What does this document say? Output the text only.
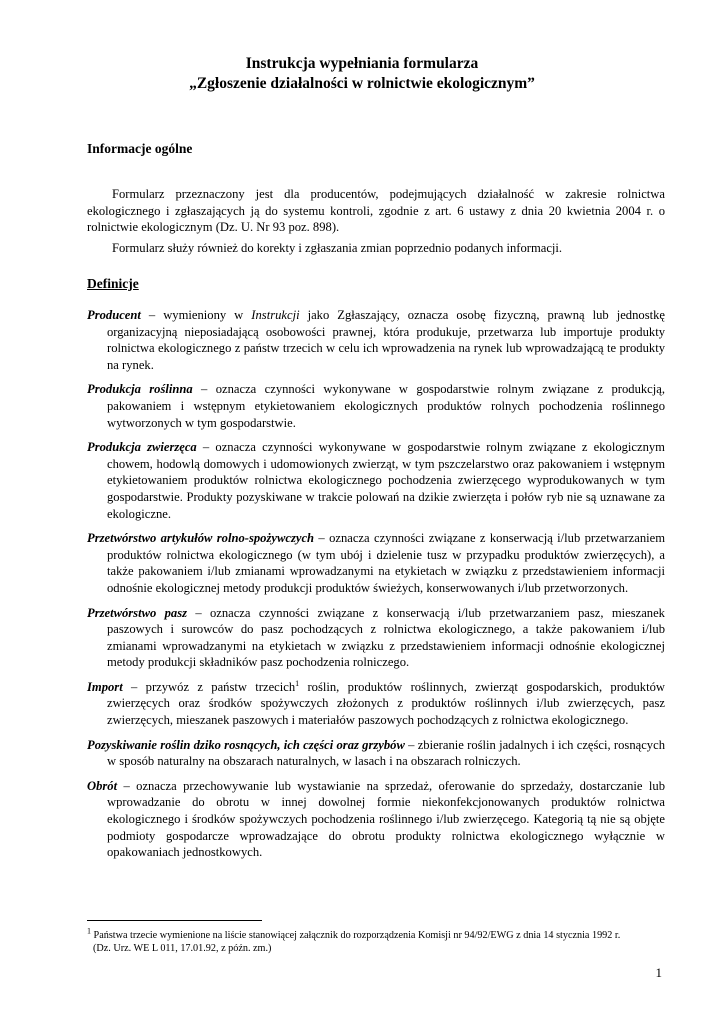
Instrukcja wypełniania formularza
„Zgłoszenie działalności w rolnictwie ekologicznym”
Informacje ogólne

Formularz przeznaczony jest dla producentów, podejmujących działalność w zakresie rolnictwa ekologicznego i zgłaszających ją do systemu kontroli, zgodnie z art. 6 ustawy z dnia 20 kwietnia 2004 r. o rolnictwie ekologicznym (Dz. U. Nr 93 poz. 898).

Formularz służy również do korekty i zgłaszania zmian poprzednio podanych informacji.

Definicje

Producent – wymieniony w Instrukcji jako Zgłaszający, oznacza osobę fizyczną, prawną lub jednostkę organizacyjną nieposiadającą osobowości prawnej, która produkuje, przetwarza lub importuje produkty rolnictwa ekologicznego z państw trzecich w celu ich wprowadzenia na rynek lub wprowadzającą te produkty na rynek.

Produkcja roślinna – oznacza czynności wykonywane w gospodarstwie rolnym związane z produkcją, pakowaniem i wstępnym etykietowaniem ekologicznych produktów rolnych pochodzenia roślinnego wytworzonych w tym gospodarstwie.

Produkcja zwierzęca – oznacza czynności wykonywane w gospodarstwie rolnym związane z ekologicznym chowem, hodowlą domowych i udomowionych zwierząt, w tym pszczelarstwo oraz pakowaniem i wstępnym etykietowaniem produktów rolnictwa ekologicznego pochodzenia zwierzęcego wyprodukowanych w tym gospodarstwie. Produkty pozyskiwane w trakcie polowań na dzikie zwierzęta i połów ryb nie są uznawane za ekologiczne.

Przetwórstwo artykułów rolno-spożywczych – oznacza czynności związane z konserwacją i/lub przetwarzaniem produktów rolnictwa ekologicznego (w tym ubój i dzielenie tusz w przypadku produktów zwierzęcych), a także pakowaniem i/lub zmianami wprowadzanymi na etykietach w związku z przedstawieniem informacji odnośnie ekologicznej metody produkcji produktów świeżych, konserwowanych i/lub przetworzonych.

Przetwórstwo pasz – oznacza czynności związane z konserwacją i/lub przetwarzaniem pasz, mieszanek paszowych i surowców do pasz pochodzących z rolnictwa ekologicznego, a także pakowaniem i/lub zmianami wprowadzanymi na etykietach w związku z przedstawieniem informacji odnośnie ekologicznej metody produkcji składników pasz pochodzenia rolniczego.

Import – przywóz z państw trzecich$^1$ roślin, produktów roślinnych, zwierząt gospodarskich, produktów zwierzęcych oraz środków spożywczych złożonych z produktów roślinnych i/lub zwierzęcych, pasz zwierzęcych, mieszanek paszowych i materiałów paszowych pochodzących z rolnictwa ekologicznego.

Pozyskiwanie roślin dziko rosnących, ich części oraz grzybów – zbieranie roślin jadalnych i ich części, rosnących w sposób naturalny na obszarach naturalnych, w lasach i na obszarach rolniczych.

Obrót – oznacza przechowywanie lub wystawianie na sprzedaż, oferowanie do sprzedaży, dostarczanie lub wprowadzanie do obrotu w innej dowolnej formie niekonfekcjonowanych produktów rolnictwa ekologicznego i środków spożywczych pochodzenia roślinnego i/lub zwierzęcego. Kategorią tą nie są objęte podmioty gospodarcze wprowadzające do obrotu produkty rolnictwa ekologicznego wyłącznie w opakowaniach jednostkowych.

$^1$ Państwa trzecie wymienione na liście stanowiącej załącznik do rozporządzenia Komisji nr 94/92/EWG z dnia 14 stycznia 1992 r.
(Dz. Urz. WE L 011, 17.01.92, z późn. zm.)
1
